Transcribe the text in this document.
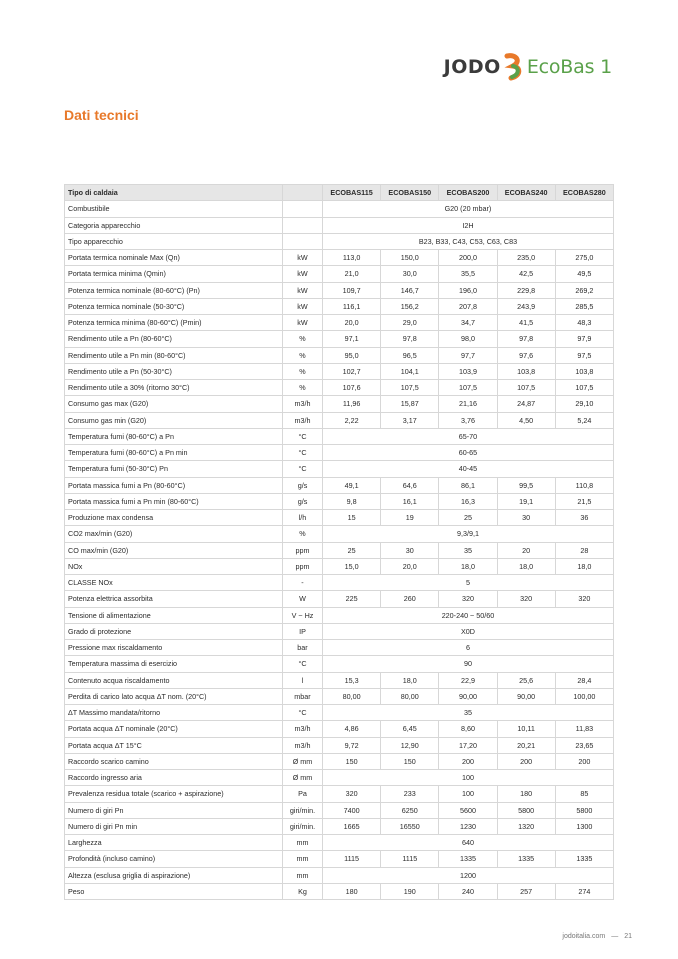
JODO EcoBas 1
Dati tecnici
Tipo di caldaia		ECOBAS115	ECOBAS150	ECOBAS200	ECOBAS240	ECOBAS280
Combustibile		G20 (20 mbar)				
Categoria apparecchio		I2H				
Tipo apparecchio		B23, B33, C43, C53, C63, C83				
Portata termica nominale Max (Qn)	kW	113,0	150,0	200,0	235,0	275,0
Portata termica minima (Qmin)	kW	21,0	30,0	35,5	42,5	49,5
Potenza termica nominale (80-60°C) (Pn)	kW	109,7	146,7	196,0	229,8	269,2
Potenza termica nominale (50-30°C)	kW	116,1	156,2	207,8	243,9	285,5
Potenza termica minima (80-60°C) (Pmin)	kW	20,0	29,0	34,7	41,5	48,3
Rendimento utile a Pn (80-60°C)	%	97,1	97,8	98,0	97,8	97,9
Rendimento utile a Pn min (80-60°C)	%	95,0	96,5	97,7	97,6	97,5
Rendimento utile a Pn (50-30°C)	%	102,7	104,1	103,9	103,8	103,8
Rendimento utile a 30% (ritorno 30°C)	%	107,6	107,5	107,5	107,5	107,5
Consumo gas max (G20)	m3/h	11,96	15,87	21,16	24,87	29,10
Consumo gas min (G20)	m3/h	2,22	3,17	3,76	4,50	5,24
Temperatura fumi (80-60°C) a Pn	°C	65-70				
Temperatura fumi (80-60°C) a Pn min	°C	60-65				
Temperatura fumi (50-30°C) Pn	°C	40-45				
Portata massica fumi a Pn (80-60°C)	g/s	49,1	64,6	86,1	99,5	110,8
Portata massica fumi a Pn min (80-60°C)	g/s	9,8	16,1	16,3	19,1	21,5
Produzione max condensa	l/h	15	19	25	30	36
CO2 max/min (G20)	%	9,3/9,1				
CO max/min (G20)	ppm	25	30	35	20	28
NOx	ppm	15,0	20,0	18,0	18,0	18,0
CLASSE NOx	-	5				
Potenza elettrica assorbita	W	225	260	320	320	320
Tensione di alimentazione	V ~ Hz	220-240 ~ 50/60				
Grado di protezione	IP	X0D				
Pressione max riscaldamento	bar	6				
Temperatura massima di esercizio	°C	90				
Contenuto acqua riscaldamento	l	15,3	18,0	22,9	25,6	28,4
Perdita di carico lato acqua ΔT nom. (20°C)	mbar	80,00	80,00	90,00	90,00	100,00
ΔT Massimo mandata/ritorno	°C	35				
Portata acqua ΔT nominale (20°C)	m3/h	4,86	6,45	8,60	10,11	11,83
Portata acqua ΔT 15°C	m3/h	9,72	12,90	17,20	20,21	23,65
Raccordo scarico camino	Ø mm	150	150	200	200	200
Raccordo ingresso aria	Ø mm	100				
Prevalenza residua totale (scarico + aspirazione)	Pa	320	233	100	180	85
Numero di giri Pn	giri/min.	7400	6250	5600	5800	5800
Numero di giri Pn min	giri/min.	1665	16550	1230	1320	1300
Larghezza	mm	640				
Profondità (incluso camino)	mm	1115	1115	1335	1335	1335
Altezza (esclusa griglia di aspirazione)	mm	1200				
Peso	Kg	180	190	240	257	274
jodoitalia.com — 21
